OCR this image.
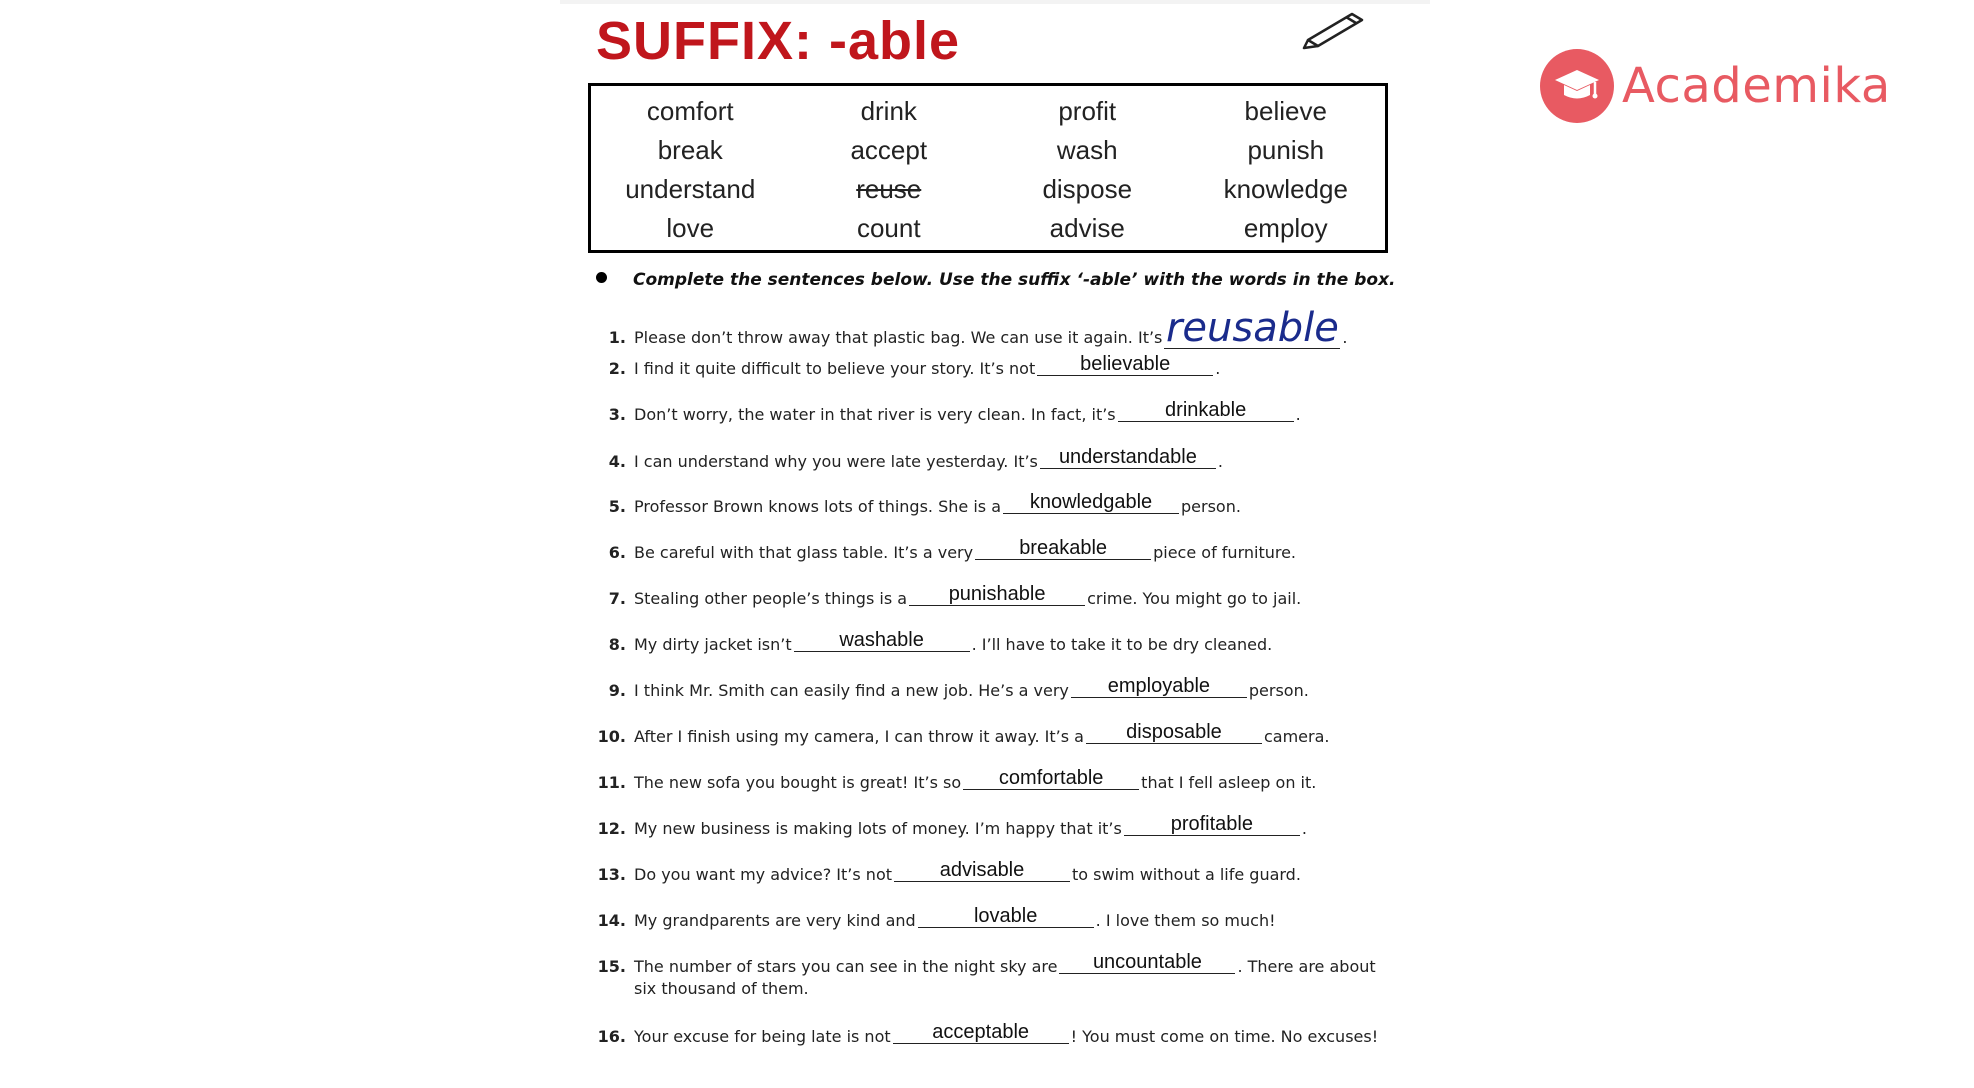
SUFFIX: -able
comfort	drink	profit	believe
break	accept	wash	punish
understand	reuse	dispose	knowledge
love	count	advise	employ
Complete the sentences below. Use the suffix ‘-able’ with the words in the box.
1. Please don’t throw away that plastic bag. We can use it again. It’sreusable .
2. I find it quite difficult to believe your story. It’s not believable	.
3. Don’t worry, the water in that river is very clean. In fact, it’s drinkable	.
4. I can understand why you were late yesterday. It’s understandable .
5. Professor Brown knows lots of things. She is a knowledgable person.
6. Be careful with that glass table. It’s a very breakable	piece of furniture.
7. Stealing other people’s things is a punishable	crime. You might go to jail.
8. My dirty jacket isn’t washable	. I’ll have to take it to be dry cleaned.
9. I think Mr. Smith can easily find a new job. He’s a very employable person.
10. After I finish using my camera, I can throw it away. It’s a disposable	camera.
11. The new sofa you bought is great! It’s so comfortable that I fell asleep on it.
12. My new business is making lots of money. I’m happy that it’s profitable	.
13. Do you want my advice? It’s not advisable	to swim without a life guard.
14. My grandparents are very kind and	lovable	. I love them so much!
15. The number of stars you can see in the night sky are uncountable . There are about
six thousand of them.
16. Your excuse for being late is not acceptable	! You must come on time. No excuses!
Academika
